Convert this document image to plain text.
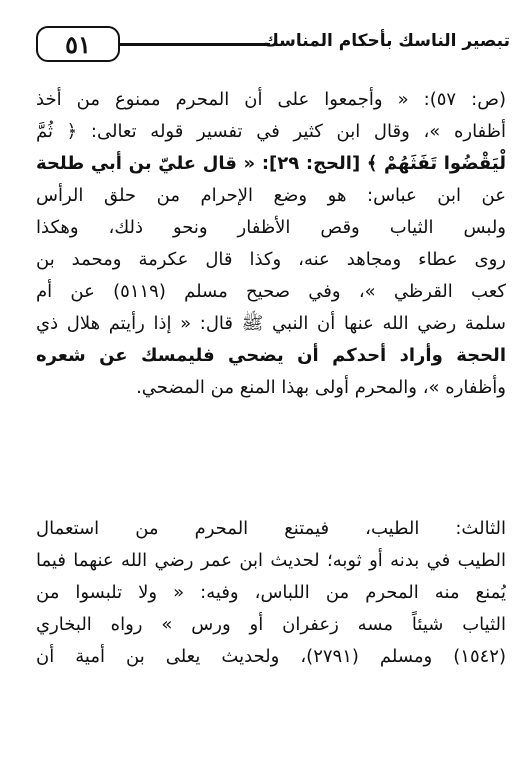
٥١	تبصير الناسك بأحكام المناسك
(ص: ٥٧): « وأجمعوا على أن المحرم ممنوع من أخذ
أظفاره »، وقال ابن كثير في تفسير قوله تعالى: ﴿ ثُمَّ
لْيَقْضُوا تَفَثَهُمْ ﴾ [الحج: ٢٩]: « قال عليّ بن أبي طلحة
عن ابن عباس: هو وضع الإحرام من حلق الرأس
ولبس الثياب وقص الأظفار ونحو ذلك، وهكذا
روى عطاء ومجاهد عنه، وكذا قال عكرمة ومحمد بن
كعب القرظي »، وفي صحيح مسلم (٥١١٩) عن أم
سلمة رضي الله عنها أن النبي ﷺ قال: « إذا رأيتم هلال ذي
الحجة وأراد أحدكم أن يضحي فليمسك عن شعره
وأظفاره »، والمحرم أولى بهذا المنع من المضحي.
الثالث: الطيب، فيمتنع المحرم من استعمال
الطيب في بدنه أو ثوبه؛ لحديث ابن عمر رضي الله عنهما فيما
يُمنع منه المحرم من اللباس، وفيه: « ولا تلبسوا من
الثياب شيئاً مسه زعفران أو ورس » رواه البخاري
(١٥٤٢) ومسلم (٢٧٩١)، ولحديث يعلى بن أمية أن
